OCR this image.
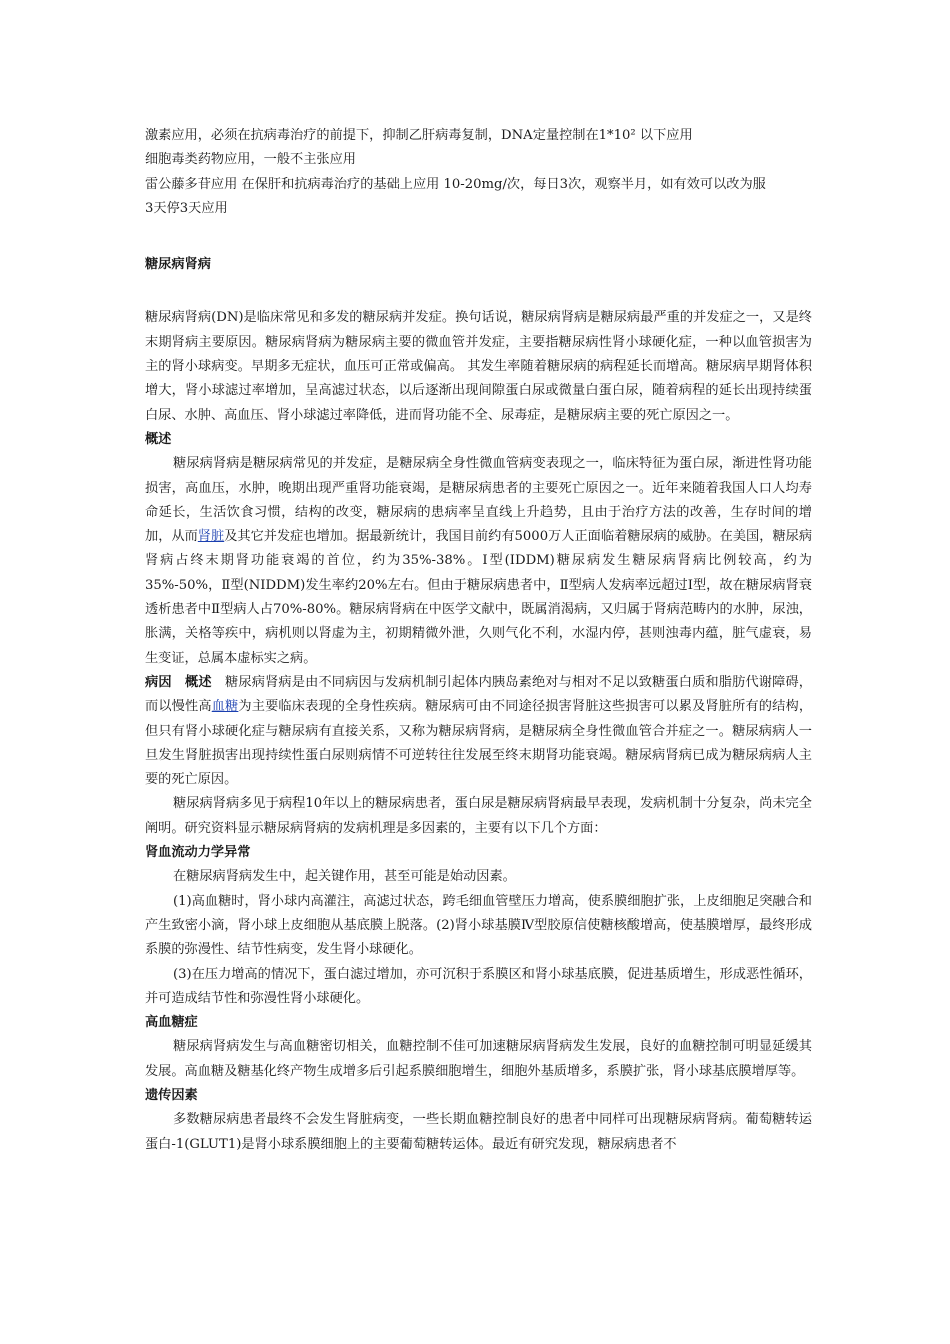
激素应用，必须在抗病毒治疗的前提下，抑制乙肝病毒复制，DNA定量控制在1*10² 以下应用
细胞毒类药物应用，一般不主张应用
雷公藤多苷应用 在保肝和抗病毒治疗的基础上应用 10-20mg/次，每日3次，观察半月，如有效可以改为服
3天停3天应用
糖尿病肾病

糖尿病肾病(DN)是临床常见和多发的糖尿病并发症。换句话说，糖尿病肾病是糖尿病最严重的并发症之一，又是终末期肾病主要原因。糖尿病肾病为糖尿病主要的微血管并发症，主要指糖尿病性肾小球硬化症，一种以血管损害为主的肾小球病变。早期多无症状，血压可正常或偏高。 其发生率随着糖尿病的病程延长而增高。糖尿病早期肾体积增大，肾小球滤过率增加，呈高滤过状态，以后逐渐出现间隙蛋白尿或微量白蛋白尿，随着病程的延长出现持续蛋白尿、水肿、高血压、肾小球滤过率降低，进而肾功能不全、尿毒症，是糖尿病主要的死亡原因之一。

概述

糖尿病肾病是糖尿病常见的并发症，是糖尿病全身性微血管病变表现之一，临床特征为蛋白尿，渐进性肾功能损害，高血压，水肿，晚期出现严重肾功能衰竭，是糖尿病患者的主要死亡原因之一。近年来随着我国人口人均寿命延长，生活饮食习惯，结构的改变，糖尿病的患病率呈直线上升趋势，且由于治疗方法的改善，生存时间的增加，从而肾脏及其它并发症也增加。据最新统计，我国目前约有5000万人正面临着糖尿病的威胁。在美国，糖尿病肾病占终末期肾功能衰竭的首位，约为35%-38%。Ⅰ型(IDDM)糖尿病发生糖尿病肾病比例较高，约为35%-50%，Ⅱ型(NIDDM)发生率约20%左右。但由于糖尿病患者中，Ⅱ型病人发病率远超过Ⅰ型，故在糖尿病肾衰透析患者中Ⅱ型病人占70%-80%。糖尿病肾病在中医学文献中，既属消渴病，又归属于肾病范畴内的水肿，尿浊，胀满，关格等疾中，病机则以肾虚为主，初期精微外泄，久则气化不利，水湿内停，甚则浊毒内蕴，脏气虚衰，易生变证，总属本虚标实之病。

病因　概述　糖尿病肾病是由不同病因与发病机制引起体内胰岛素绝对与相对不足以致糖蛋白质和脂肪代谢障碍，而以慢性高血糖为主要临床表现的全身性疾病。糖尿病可由不同途径损害肾脏这些损害可以累及肾脏所有的结构，但只有肾小球硬化症与糖尿病有直接关系，又称为糖尿病肾病，是糖尿病全身性微血管合并症之一。糖尿病病人一旦发生肾脏损害出现持续性蛋白尿则病情不可逆转往往发展至终末期肾功能衰竭。糖尿病肾病已成为糖尿病病人主要的死亡原因。

糖尿病肾病多见于病程10年以上的糖尿病患者，蛋白尿是糖尿病肾病最早表现，发病机制十分复杂，尚未完全阐明。研究资料显示糖尿病肾病的发病机理是多因素的，主要有以下几个方面：

肾血流动力学异常

在糖尿病肾病发生中，起关键作用，甚至可能是始动因素。

(1)高血糖时，肾小球内高灌注，高滤过状态，跨毛细血管壁压力增高，使系膜细胞扩张，上皮细胞足突融合和产生致密小滴，肾小球上皮细胞从基底膜上脱落。(2)肾小球基膜Ⅳ型胶原信使糖核酸增高，使基膜增厚，最终形成系膜的弥漫性、结节性病变，发生肾小球硬化。

(3)在压力增高的情况下，蛋白滤过增加，亦可沉积于系膜区和肾小球基底膜，促进基质增生，形成恶性循环，并可造成结节性和弥漫性肾小球硬化。

高血糖症

糖尿病肾病发生与高血糖密切相关，血糖控制不佳可加速糖尿病肾病发生发展，良好的血糖控制可明显延缓其发展。高血糖及糖基化终产物生成增多后引起系膜细胞增生，细胞外基质增多，系膜扩张，肾小球基底膜增厚等。

遗传因素

多数糖尿病患者最终不会发生肾脏病变，一些长期血糖控制良好的患者中同样可出现糖尿病肾病。葡萄糖转运蛋白-1(GLUT1)是肾小球系膜细胞上的主要葡萄糖转运体。最近有研究发现，糖尿病患者不
